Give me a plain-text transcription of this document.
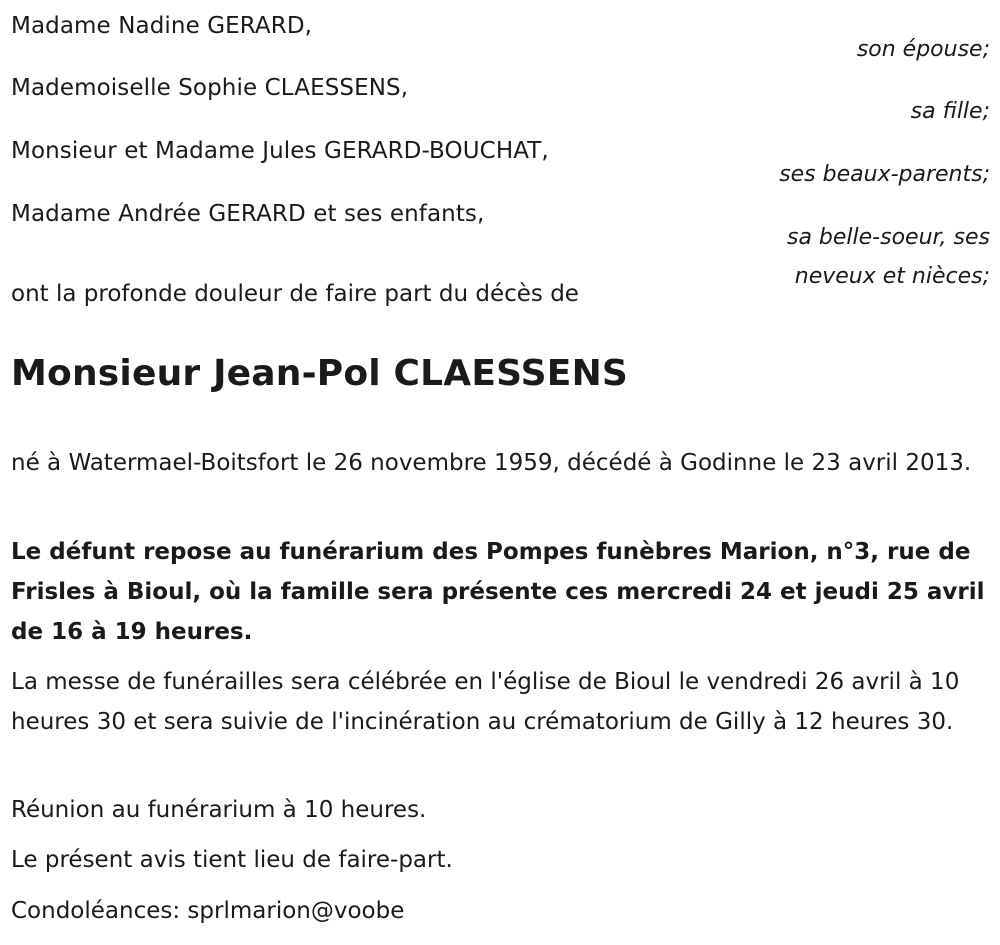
Madame Nadine GERARD,

son épouse;

Mademoiselle Sophie CLAESSENS,

sa fille;

Monsieur et Madame Jules GERARD-BOUCHAT,

ses beaux-parents;

Madame Andrée GERARD et ses enfants,

sa belle-soeur, ses

neveux et nièces;

ont la profonde douleur de faire part du décès de

Monsieur Jean-Pol CLAESSENS

né à Watermael-Boitsfort le 26 novembre 1959, décédé à Godinne le 23 avril 2013.

Le défunt repose au funérarium des Pompes funèbres Marion, n°3, rue de Frisles à Bioul, où la famille sera présente ces mercredi 24 et jeudi 25 avril de 16 à 19 heures.

La messe de funérailles sera célébrée en l'église de Bioul le vendredi 26 avril à 10 heures 30 et sera suivie de l'incinération au crématorium de Gilly à 12 heures 30.

Réunion au funérarium à 10 heures.

Le présent avis tient lieu de faire-part.

Condoléances: sprlmarion@voobe
